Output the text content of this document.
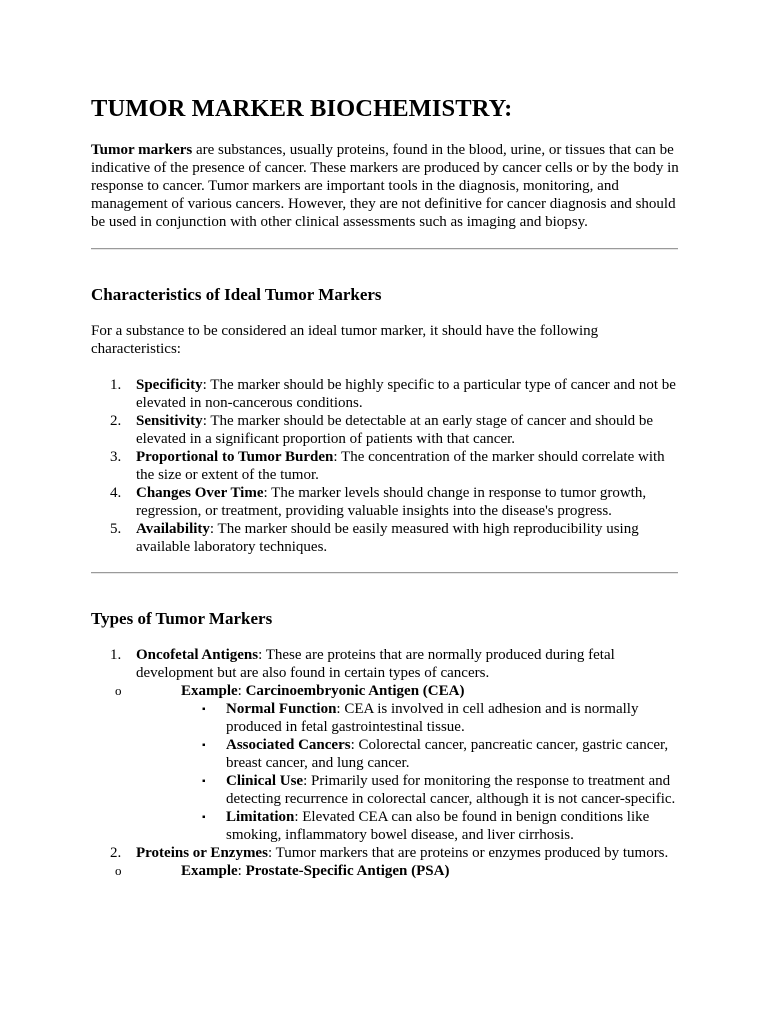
TUMOR MARKER BIOCHEMISTRY:

Tumor markers are substances, usually proteins, found in the blood, urine, or tissues that can be indicative of the presence of cancer. These markers are produced by cancer cells or by the body in response to cancer. Tumor markers are important tools in the diagnosis, monitoring, and management of various cancers. However, they are not definitive for cancer diagnosis and should be used in conjunction with other clinical assessments such as imaging and biopsy.

Characteristics of Ideal Tumor Markers

For a substance to be considered an ideal tumor marker, it should have the following characteristics:

1. Specificity: The marker should be highly specific to a particular type of cancer and not be elevated in non-cancerous conditions.
2. Sensitivity: The marker should be detectable at an early stage of cancer and should be elevated in a significant proportion of patients with that cancer.
3. Proportional to Tumor Burden: The concentration of the marker should correlate with the size or extent of the tumor.
4. Changes Over Time: The marker levels should change in response to tumor growth, regression, or treatment, providing valuable insights into the disease's progress.
5. Availability: The marker should be easily measured with high reproducibility using available laboratory techniques.
Types of Tumor Markers
1. Oncofetal Antigens: These are proteins that are normally produced during fetal development but are also found in certain types of cancers.
o	Example: Carcinoembryonic Antigen (CEA)
▪	Normal Function: CEA is involved in cell adhesion and is normally produced in fetal gastrointestinal tissue.
▪	Associated Cancers: Colorectal cancer, pancreatic cancer, gastric cancer, breast cancer, and lung cancer.
▪	Clinical Use: Primarily used for monitoring the response to treatment and detecting recurrence in colorectal cancer, although it is not cancer-specific.
▪	Limitation: Elevated CEA can also be found in benign conditions like smoking, inflammatory bowel disease, and liver cirrhosis.
2. Proteins or Enzymes: Tumor markers that are proteins or enzymes produced by tumors.
o	Example: Prostate-Specific Antigen (PSA)
